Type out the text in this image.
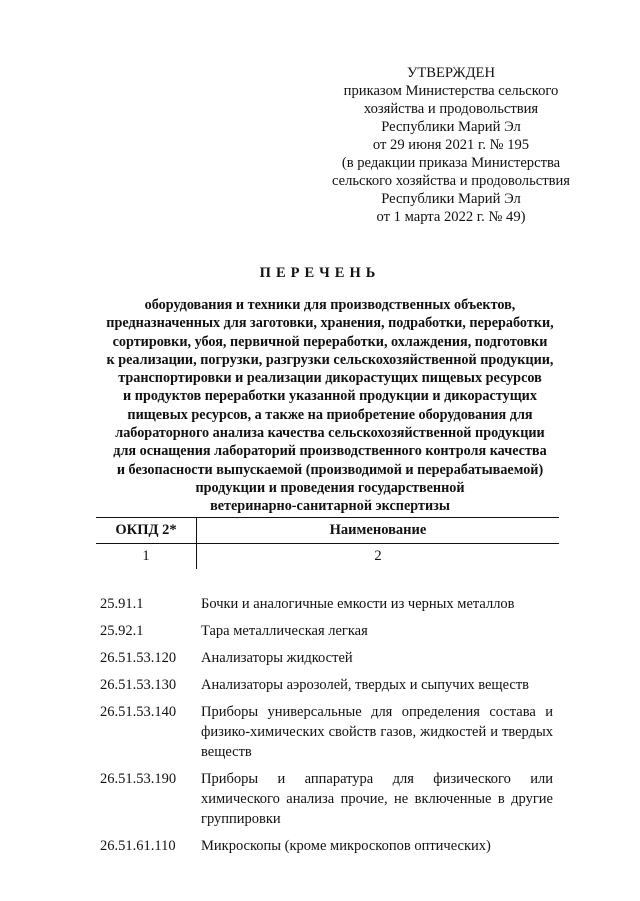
УТВЕРЖДЕН
приказом Министерства сельского
хозяйства и продовольствия
Республики Марий Эл
от 29 июня 2021 г. № 195
(в редакции приказа Министерства
сельского хозяйства и продовольствия
Республики Марий Эл
от 1 марта 2022 г. № 49)
ПЕРЕЧЕНЬ
оборудования и техники для производственных объектов,
предназначенных для заготовки, хранения, подработки, переработки,
сортировки, убоя, первичной переработки, охлаждения, подготовки
к реализации, погрузки, разгрузки сельскохозяйственной продукции,
транспортировки и реализации дикорастущих пищевых ресурсов
и продуктов переработки указанной продукции и дикорастущих
пищевых ресурсов, а также на приобретение оборудования для
лабораторного анализа качества сельскохозяйственной продукции
для оснащения лабораторий производственного контроля качества
и безопасности выпускаемой (производимой и перерабатываемой)
продукции и проведения государственной
ветеринарно-санитарной экспертизы
ОКПД 2*	Наименование
1	2
25.91.1	Бочки и аналогичные емкости из черных металлов
25.92.1	Тара металлическая легкая
26.51.53.120	Анализаторы жидкостей
26.51.53.130	Анализаторы аэрозолей, твердых и сыпучих веществ
26.51.53.140	Приборы универсальные для определения состава и физико-химических свойств газов, жидкостей и твердых веществ
26.51.53.190	Приборы и аппаратура для физического или химического анализа прочие, не включенные в другие группировки
26.51.61.110	Микроскопы (кроме микроскопов оптических)
